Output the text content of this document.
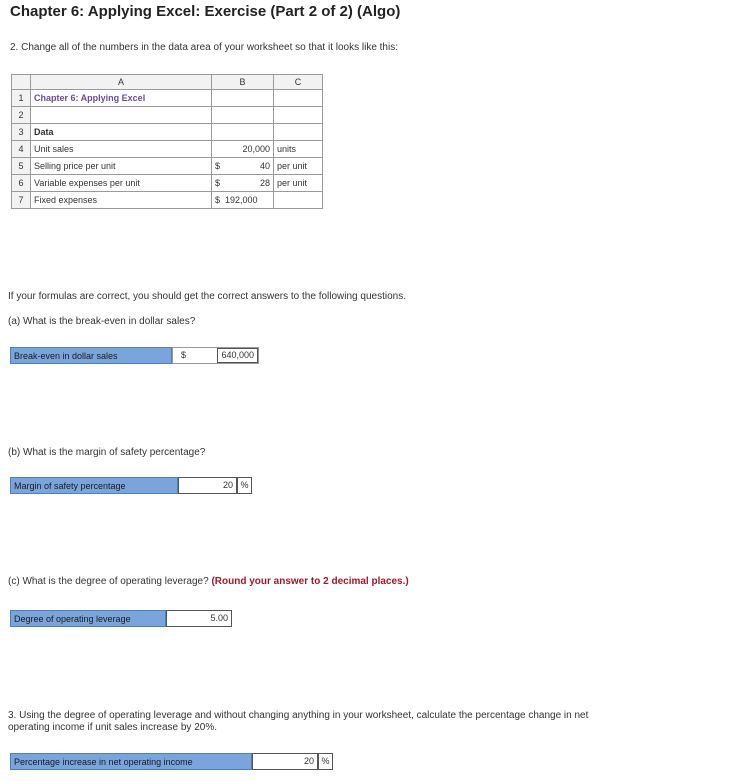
Chapter 6: Applying Excel: Exercise (Part 2 of 2) (Algo)
2. Change all of the numbers in the data area of your worksheet so that it looks like this:
	A	B	C
1	Chapter 6: Applying Excel		
2			
3	Data		
4	Unit sales	20,000	units
5	Selling price per unit	$ 40	per unit
6	Variable expenses per unit	$ 28	per unit
7	Fixed expenses	$ 192,000	
If your formulas are correct, you should get the correct answers to the following questions.
(a) What is the break-even in dollar sales?
Break-even in dollar sales	$	640,000
(b) What is the margin of safety percentage?
Margin of safety percentage	20 %
(c) What is the degree of operating leverage? (Round your answer to 2 decimal places.)
Degree of operating leverage	5.00
3. Using the degree of operating leverage and without changing anything in your worksheet, calculate the percentage change in net
operating income if unit sales increase by 20%.
Percentage increase in net operating income	20 %
